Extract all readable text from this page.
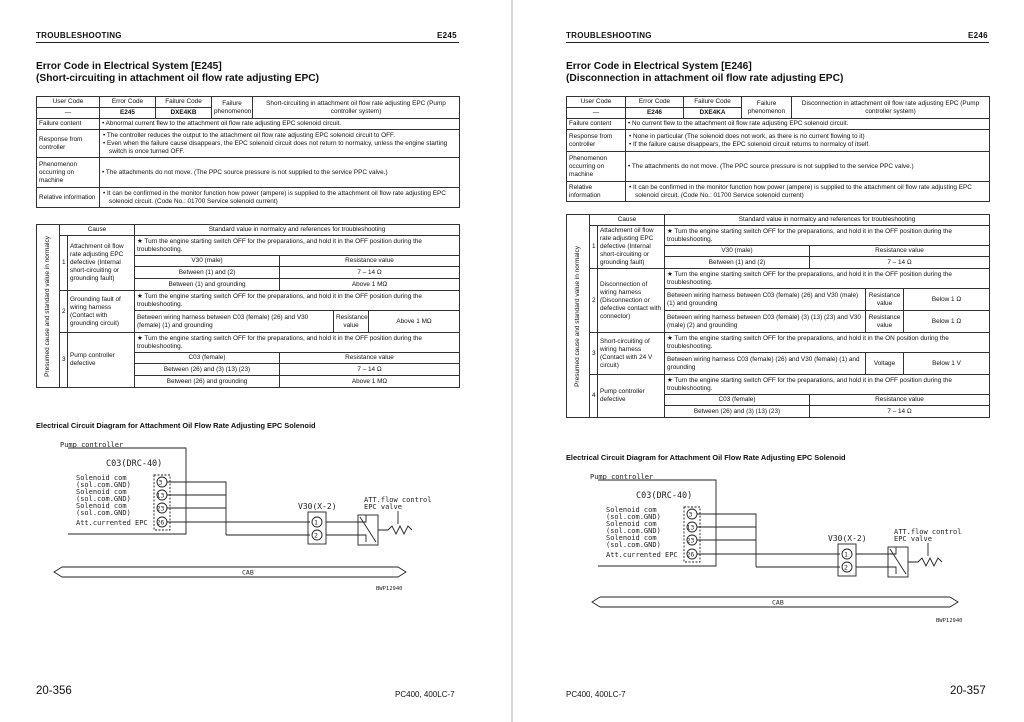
TROUBLESHOOTING	E245
Error Code in Electrical System [E245]
(Short-circuiting in attachment oil flow rate adjusting EPC)
User Code	Error Code	Failure Code	Failure phenomenon	Short-circuiting in attachment oil flow rate adjusting EPC (Pump controller system)
—	E245	DXE4KB		
Failure content	• Abnormal current flew to the attachment oil flow rate adjusting EPC solenoid circuit.			
Response from controller	• The controller reduces the output to the attachment oil flow rate adjusting EPC solenoid circuit to OFF.
• Even when the failure cause disappears, the EPC solenoid circuit does not return to normalcy, unless the engine starting switch is once turned OFF.			

Phenomenon occurring on machine	• The attachments do not move. (The PPC source pressure is not supplied to the service PPC valve.)			
Relative information	• It can be confirmed in the monitor function how power (ampere) is supplied to the attachment oil flow rate adjusting EPC solenoid circuit. (Code No.: 01700 Service solenoid current)			
Presumed cause and standard value in normalcy	Cause		Standard value in normalcy and references for troubleshooting			
	1	Attachment oil flow rate adjusting EPC defective (Internal short-circuiting or grounding fault)	★ Turn the engine starting switch OFF for the preparations, and hold it in the OFF position during the troubleshooting.			
			V30 (male)	Resistance value		
			Between (1) and (2)	7 – 14 Ω		
			Between (1) and grounding	Above 1 MΩ		
	2	Grounding fault of wiring harness (Contact with grounding circuit)	★ Turn the engine starting switch OFF for the preparations, and hold it in the OFF position during the troubleshooting.			
			Between wiring harness between C03 (female) (26) and V30 (female) (1) and grounding		Resistance value	Above 1 MΩ
	3	Pump controller defective	★ Turn the engine starting switch OFF for the preparations, and hold it in the OFF position during the troubleshooting.			
			C03 (female)	Resistance value		
			Between (26) and (3) (13) (23)	7 – 14 Ω		
			Between (26) and grounding	Above 1 MΩ		
Electrical Circuit Diagram for Attachment Oil Flow Rate Adjusting EPC Solenoid
Pump controller
C03(DRC-40)
Solenoid com
(sol.com.GND)
Solenoid com
(sol.com.GND)
Solenoid com
(sol.com.GND)
Att.currented EPC
3
13
23
26
V30(X-2)
1
2
ATT.flow control
EPC valve
CAB
BWP12940
20-356	PC400, 400LC-7
TROUBLESHOOTING	E246
Error Code in Electrical System [E246]
(Disconnection in attachment oil flow rate adjusting EPC)
User Code	Error Code	Failure Code	Failure phenomenon	Disconnection in attachment oil flow rate adjusting EPC (Pump controller system)
—	E246	DXE4KA		
Failure content	• No current flew to the attachment oil flow rate adjusting EPC solenoid circuit.			
Response from controller	• None in particular (The solenoid does not work, as there is no current flowing to it)
• If the failure cause disappears, the EPC solenoid circuit returns to normalcy of itself.			

Phenomenon occurring on machine	• The attachments do not move. (The PPC source pressure is not supplied to the service PPC valve.)			
Relative information	• It can be confirmed in the monitor function how power (ampere) is supplied to the attachment oil flow rate adjusting EPC solenoid circuit. (Code No.: 01700 Service solenoid current)			
Presumed cause and standard value in normalcy	Cause		Standard value in normalcy and references for troubleshooting			
	1	Attachment oil flow rate adjusting EPC defective (Internal short-circuiting or grounding fault)	★ Turn the engine starting switch OFF for the preparations, and hold it in the OFF position during the troubleshooting.			
			V30 (male)	Resistance value		
			Between (1) and (2)	7 – 14 Ω		
	2	Disconnection of wiring harness (Disconnection or defective contact with connector)	★ Turn the engine starting switch OFF for the preparations, and hold it in the OFF position during the troubleshooting.			
			Between wiring harness between C03 (female) (26) and V30 (male) (1) and grounding		Resistance value	Below 1 Ω
			Between wiring harness between C03 (female) (3) (13) (23) and V30 (male) (2) and grounding		Resistance value	Below 1 Ω
	3	Short-circuiting of wiring harness (Contact with 24 V circuit)	★ Turn the engine starting switch OFF for the preparations, and hold it in the ON position during the troubleshooting.			
			Between wiring harness C03 (female) (26) and V30 (female) (1) and grounding		Voltage	Below 1 V
	4	Pump controller defective	★ Turn the engine starting switch OFF for the preparations, and hold it in the OFF position during the troubleshooting.			
			C03 (female)	Resistance value		
			Between (26) and (3) (13) (23)	7 – 14 Ω		
Electrical Circuit Diagram for Attachment Oil Flow Rate Adjusting EPC Solenoid
Pump controller
C03(DRC-40)
Solenoid com
(sol.com.GND)
Solenoid com
(sol.com.GND)
Solenoid com
(sol.com.GND)
Att.currented EPC
3
13
23
26
V30(X-2)
1
2
ATT.flow control
EPC valve
CAB
BWP12940
PC400, 400LC-7	20-357
